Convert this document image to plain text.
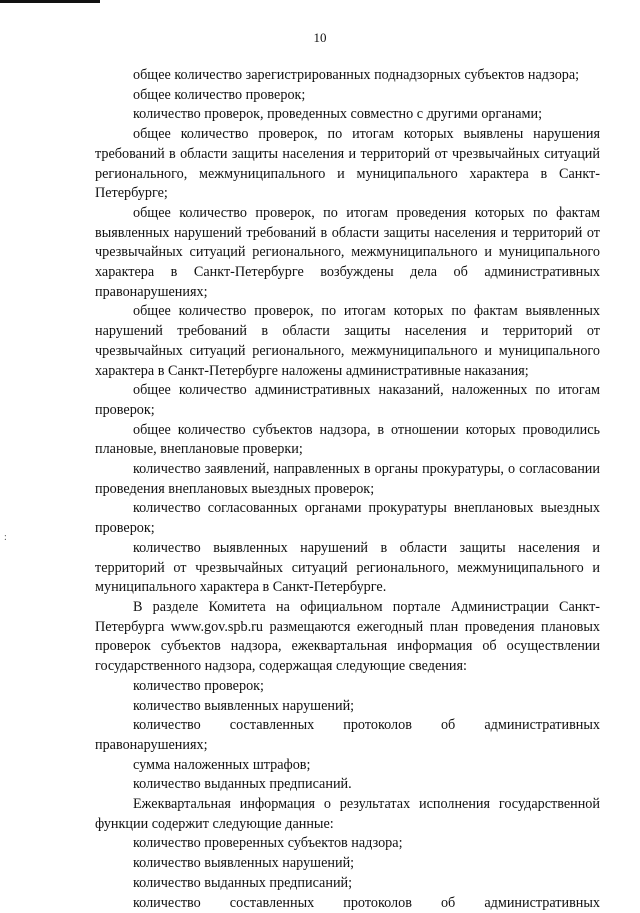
10
:

общее количество зарегистрированных поднадзорных субъектов надзора;

общее количество проверок;

количество проверок, проведенных совместно с другими органами;

общее количество проверок, по итогам которых выявлены нарушения требований в области защиты населения и территорий от чрезвычайных ситуаций регионального, межмуниципального и муниципального характера в Санкт-Петербурге;

общее количество проверок, по итогам проведения которых по фактам выявленных нарушений требований в области защиты населения и территорий от чрезвычайных ситуаций регионального, межмуниципального и муниципального характера в Санкт-Петербурге возбуждены дела об административных правонарушениях;

общее количество проверок, по итогам которых по фактам выявленных нарушений требований в области защиты населения и территорий от чрезвычайных ситуаций регионального, межмуниципального и муниципального характера в Санкт-Петербурге наложены административные наказания;

общее количество административных наказаний, наложенных по итогам проверок;

общее количество субъектов надзора, в отношении которых проводились плановые, внеплановые проверки;

количество заявлений, направленных в органы прокуратуры, о согласовании проведения внеплановых выездных проверок;

количество согласованных органами прокуратуры внеплановых выездных проверок;

количество выявленных нарушений в области защиты населения и территорий от чрезвычайных ситуаций регионального, межмуниципального и муниципального характера в Санкт-Петербурге.

В разделе Комитета на официальном портале Администрации Санкт-Петербурга www.gov.spb.ru размещаются ежегодный план проведения плановых проверок субъектов надзора, ежеквартальная информация об осуществлении государственного надзора, содержащая следующие сведения:

количество проверок;

количество выявленных нарушений;

количество составленных протоколов об административных правонарушениях;

сумма наложенных штрафов;

количество выданных предписаний.

Ежеквартальная информация о результатах исполнения государственной функции содержит следующие данные:

количество проверенных субъектов надзора;

количество выявленных нарушений;

количество выданных предписаний;

количество составленных протоколов об административных
